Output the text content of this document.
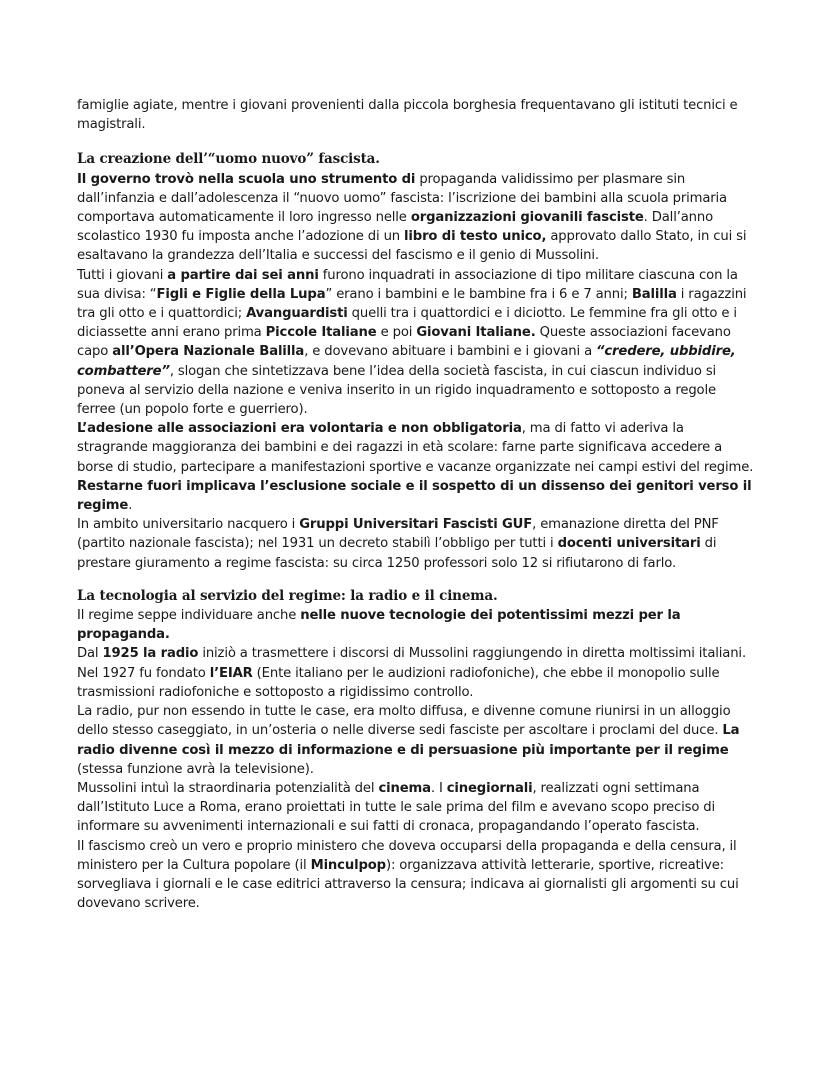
famiglie agiate, mentre i giovani provenienti dalla piccola borghesia frequentavano gli istituti tecnici e magistrali.
La creazione dell’“uomo nuovo” fascista.
Il governo trovò nella scuola uno strumento di propaganda validissimo per plasmare sin dall’infanzia e dall’adolescenza il “nuovo uomo” fascista: l’iscrizione dei bambini alla scuola primaria comportava automaticamente il loro ingresso nelle organizzazioni giovanili fasciste. Dall’anno scolastico 1930 fu imposta anche l’adozione di un libro di testo unico, approvato dallo Stato, in cui si esaltavano la grandezza dell’Italia e successi del fascismo e il genio di Mussolini.
Tutti i giovani a partire dai sei anni furono inquadrati in associazione di tipo militare ciascuna con la sua divisa: “Figli e Figlie della Lupa” erano i bambini e le bambine fra i 6 e 7 anni; Balilla i ragazzini tra gli otto e i quattordici; Avanguardisti quelli tra i quattordici e i diciotto. Le femmine fra gli otto e i diciassette anni erano prima Piccole Italiane e poi Giovani Italiane. Queste associazioni facevano capo all’Opera Nazionale Balilla, e dovevano abituare i bambini e i giovani a “credere, ubbidire, combattere”, slogan che sintetizzava bene l’idea della società fascista, in cui ciascun individuo si poneva al servizio della nazione e veniva inserito in un rigido inquadramento e sottoposto a regole ferree (un popolo forte e guerriero).
L’adesione alle associazioni era volontaria e non obbligatoria, ma di fatto vi aderiva la stragrande maggioranza dei bambini e dei ragazzi in età scolare: farne parte significava accedere a borse di studio, partecipare a manifestazioni sportive e vacanze organizzate nei campi estivi del regime. Restarne fuori implicava l’esclusione sociale e il sospetto di un dissenso dei genitori verso il regime.
In ambito universitario nacquero i Gruppi Universitari Fascisti GUF, emanazione diretta del PNF (partito nazionale fascista); nel 1931 un decreto stabilì l’obbligo per tutti i docenti universitari di prestare giuramento a regime fascista: su circa 1250 professori solo 12 si rifiutarono di farlo.
La tecnologia al servizio del regime: la radio e il cinema.
Il regime seppe individuare anche nelle nuove tecnologie dei potentissimi mezzi per la propaganda.
Dal 1925 la radio iniziò a trasmettere i discorsi di Mussolini raggiungendo in diretta moltissimi italiani. Nel 1927 fu fondato l’EIAR (Ente italiano per le audizioni radiofoniche), che ebbe il monopolio sulle trasmissioni radiofoniche e sottoposto a rigidissimo controllo.
La radio, pur non essendo in tutte le case, era molto diffusa, e divenne comune riunirsi in un alloggio dello stesso caseggiato, in un’osteria o nelle diverse sedi fasciste per ascoltare i proclami del duce. La radio divenne così il mezzo di informazione e di persuasione più importante per il regime (stessa funzione avrà la televisione).
Mussolini intuì la straordinaria potenzialità del cinema. I cinegiornali, realizzati ogni settimana dall’Istituto Luce a Roma, erano proiettati in tutte le sale prima del film e avevano scopo preciso di informare su avvenimenti internazionali e sui fatti di cronaca, propagandando l’operato fascista.
Il fascismo creò un vero e proprio ministero che doveva occuparsi della propaganda e della censura, il ministero per la Cultura popolare (il Minculpop): organizzava attività letterarie, sportive, ricreative: sorvegliava i giornali e le case editrici attraverso la censura; indicava ai giornalisti gli argomenti su cui dovevano scrivere.
